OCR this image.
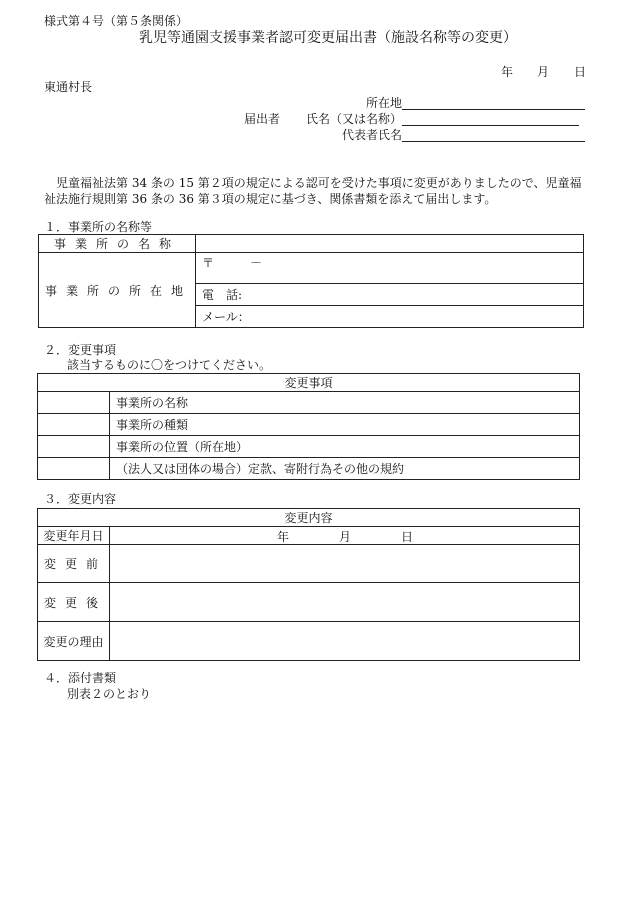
様式第４号（第５条関係）
乳児等通園支援事業者認可変更届出書（施設名称等の変更）
年 月 日
東通村長
所在地
届出者 氏名（又は名称）
代表者氏名
児童福祉法第 34 条の 15 第２項の規定による認可を受けた事項に変更がありましたので、児童福
祉法施行規則第 36 条の 36 第３項の規定に基づき、関係書類を添えて届出します。
１．事業所の名称等
事業所の名称	
事業所の所在地	〒　　　－
	電　話:
	メール：
２．変更事項
該当するものに〇をつけてください。
変更事項	
	事業所の名称
	事業所の種類
	事業所の位置（所在地）
	（法人又は団体の場合）定款、寄附行為その他の規約
３．変更内容
変更内容	
変更年月日	年 月 日

変更前	
変更後	
変更の理由	
４．添付書類
別表２のとおり
